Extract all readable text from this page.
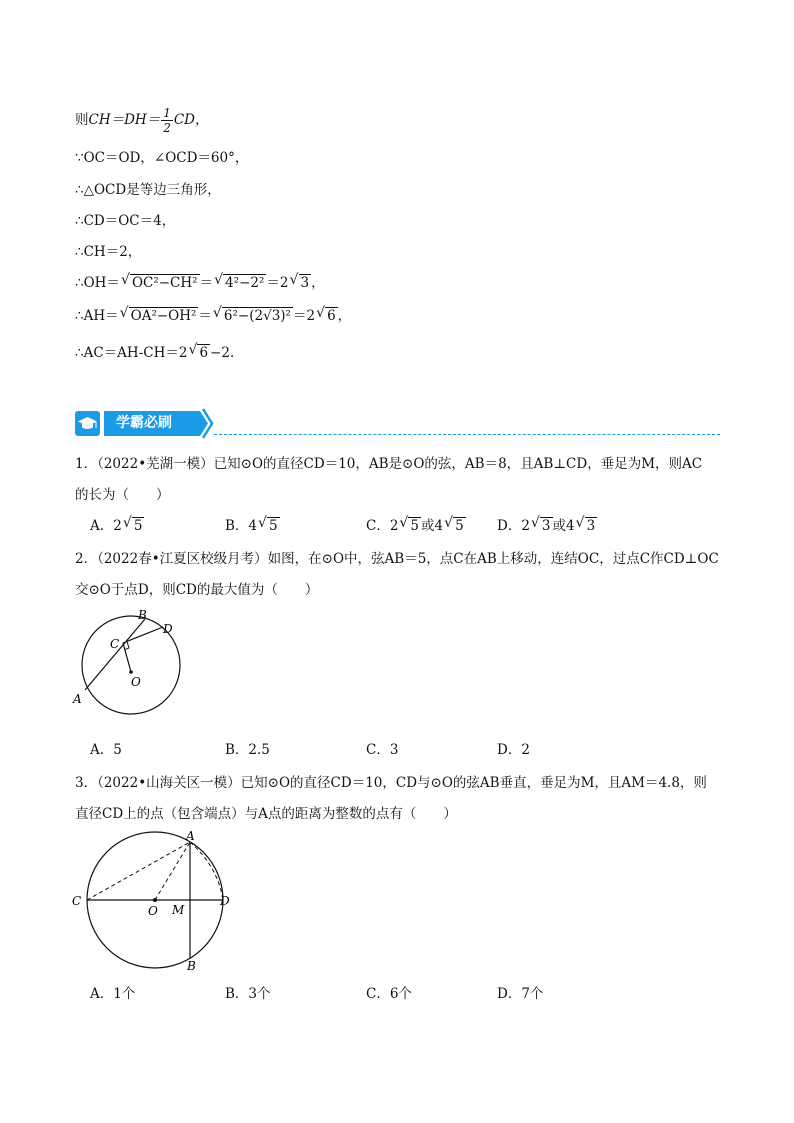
则$CH=DH= \frac{1}{2}$ CD，
∵OC＝OD，∠OCD＝60°，
∴△OCD是等边三角形，
∴CD＝OC＝4，
∴CH＝2，
∴OH＝ √ OC²−CH² ＝ √ 4²−2² ＝2 √ 3 ，
∴AH＝ √ OA²−OH² ＝ √ 6²−(2√3)² ＝2 √ 6 ，
∴AC＝AH-CH＝2 √ 6 −2．
学霸必刷
1．（2022•芜湖一模）已知⊙O的直径CD＝10，AB是⊙O的弦，AB＝8，且AB⊥CD，垂足为M，则AC
的长为（　　）
A．2 √ 5	B．4 √ 5	C．2 √ 5 或4 √ 5 D．2 √ 3 或4 √ 3
2．（2022春•江夏区校级月考）如图，在⊙O中，弦AB＝5，点C在AB上移动，连结OC，过点C作CD⊥OC
交⊙O于点D，则CD的最大值为（　　）
A
B
C
D
O
A．5	B．2.5	C．3	D．2
3．（2022•山海关区一模）已知⊙O的直径CD＝10，CD与⊙O的弦AB垂直，垂足为M，且AM＝4.8，则
直径CD上的点（包含端点）与A点的距离为整数的点有（　　）
A
B
C	D
O M
A．1个	B．3个	C．6个	D．7个
